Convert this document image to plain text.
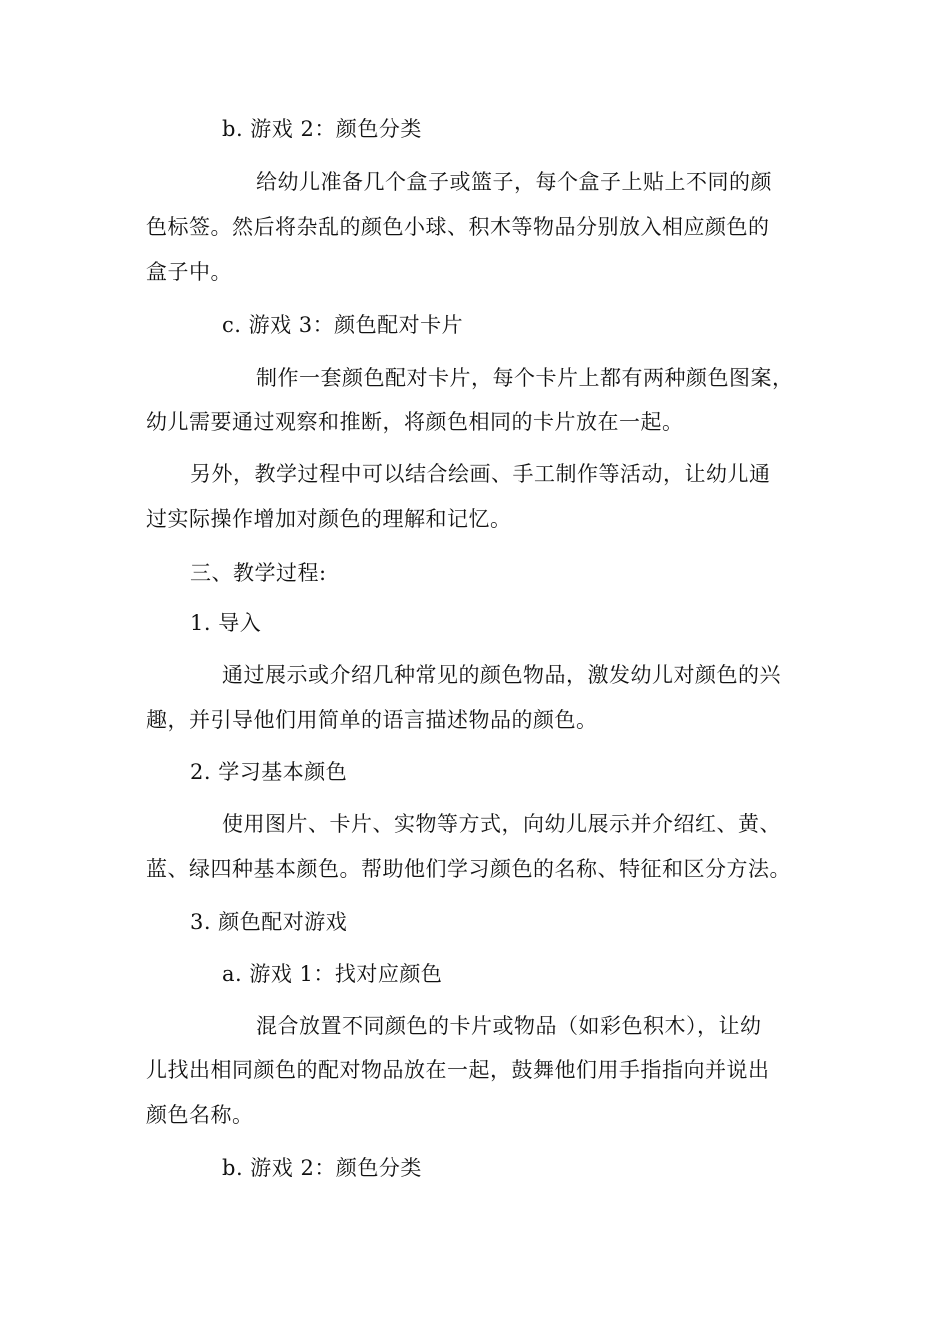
b. 游戏 2：颜色分类
给幼儿准备几个盒子或篮子，每个盒子上贴上不同的颜
色标签。然后将杂乱的颜色小球、积木等物品分别放入相应颜色的
盒子中。
c. 游戏 3：颜色配对卡片
制作一套颜色配对卡片，每个卡片上都有两种颜色图案，
幼儿需要通过观察和推断，将颜色相同的卡片放在一起。
另外，教学过程中可以结合绘画、手工制作等活动，让幼儿通
过实际操作增加对颜色的理解和记忆。
三、教学过程:
1. 导入
通过展示或介绍几种常见的颜色物品，激发幼儿对颜色的兴
趣，并引导他们用简单的语言描述物品的颜色。
2. 学习基本颜色
使用图片、卡片、实物等方式，向幼儿展示并介绍红、黄、
蓝、绿四种基本颜色。帮助他们学习颜色的名称、特征和区分方法。
3. 颜色配对游戏
a. 游戏 1：找对应颜色
混合放置不同颜色的卡片或物品（如彩色积木），让幼
儿找出相同颜色的配对物品放在一起，鼓舞他们用手指指向并说出
颜色名称。
b. 游戏 2：颜色分类
